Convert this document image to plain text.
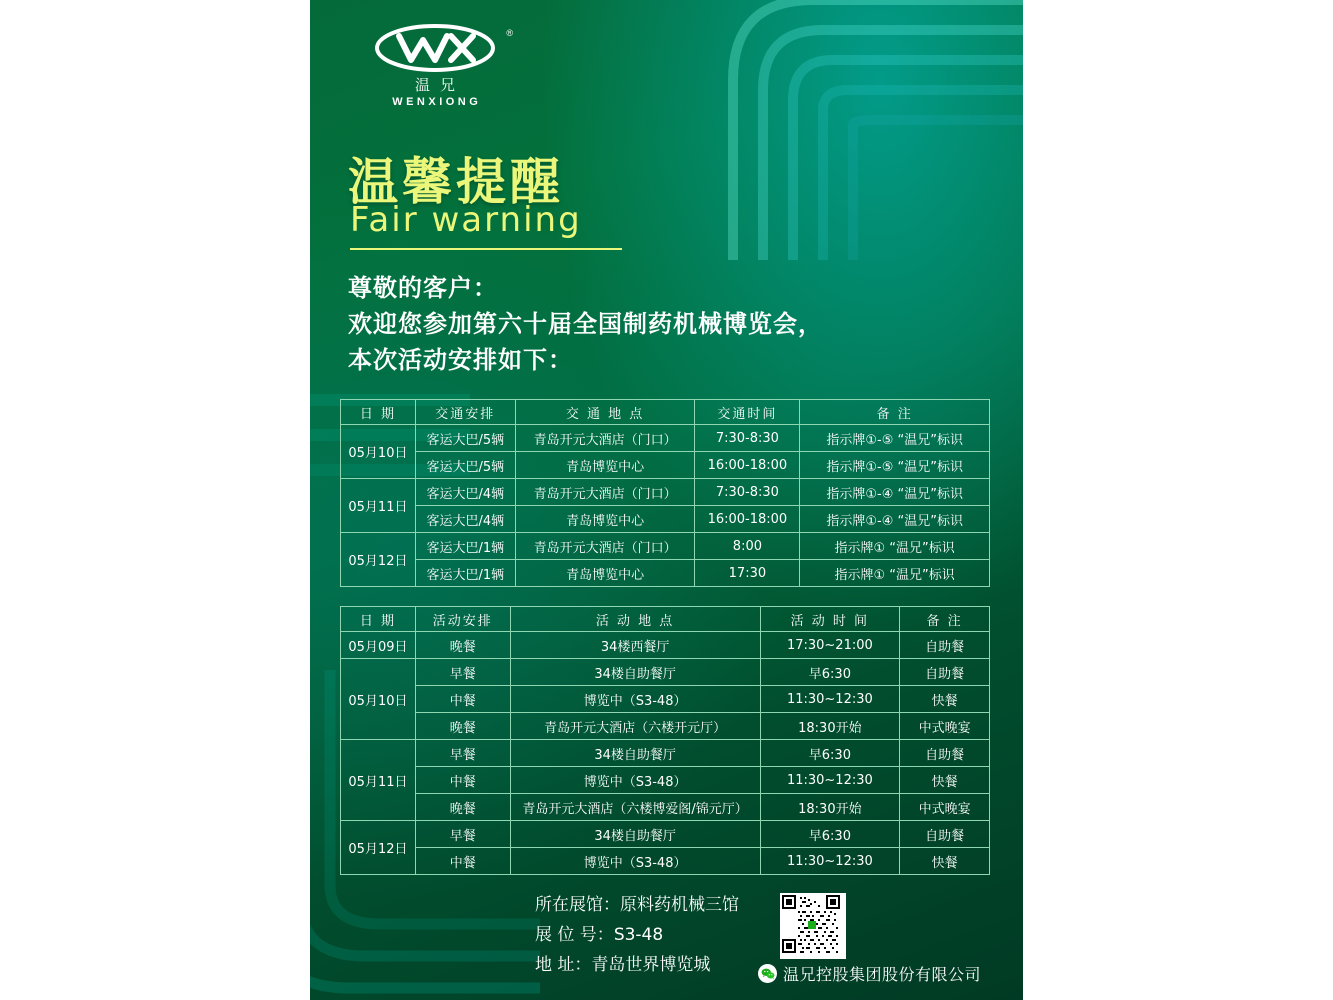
®
温兄
WENXIONG
温馨提醒
Fair warning
尊敬的客户：
欢迎您参加第六十届全国制药机械博览会，
本次活动安排如下：
日 期	交通安排	交 通 地 点	交通时间	备 注
05月10日	客运大巴/5辆	青岛开元大酒店（门口）	7:30-8:30	指示牌①-⑤ “温兄”标识
	客运大巴/5辆	青岛博览中心	16:00-18:00	指示牌①-⑤ “温兄”标识
05月11日	客运大巴/4辆	青岛开元大酒店（门口）	7:30-8:30	指示牌①-④ “温兄”标识
	客运大巴/4辆	青岛博览中心	16:00-18:00	指示牌①-④ “温兄”标识
05月12日	客运大巴/1辆	青岛开元大酒店（门口）	8:00	指示牌① “温兄”标识
	客运大巴/1辆	青岛博览中心	17:30	指示牌① “温兄”标识
日 期	活动安排	活 动 地 点	活 动 时 间	备 注
05月09日	晚餐	34楼西餐厅	17:30~21:00	自助餐
05月10日	早餐	34楼自助餐厅	早6:30	自助餐
	中餐	博览中（S3-48）	11:30~12:30	快餐
	晚餐	青岛开元大酒店（六楼开元厅）	18:30开始	中式晚宴
05月11日	早餐	34楼自助餐厅	早6:30	自助餐
	中餐	博览中（S3-48）	11:30~12:30	快餐
	晚餐	青岛开元大酒店（六楼博爱阁/锦元厅）	18:30开始	中式晚宴
05月12日	早餐	34楼自助餐厅	早6:30	自助餐
	中餐	博览中（S3-48）	11:30~12:30	快餐
所在展馆：原料药机械三馆
展 位 号：S3-48
地 址：青岛世界博览城	温兄控股集团股份有限公司
